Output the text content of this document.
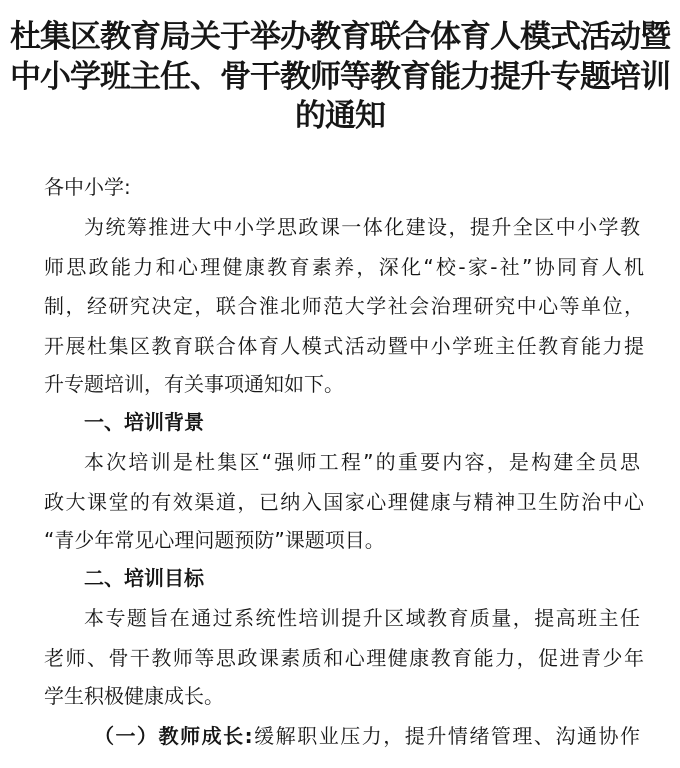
杜集区教育局关于举办教育联合体育人模式活动暨
中小学班主任、骨干教师等教育能力提升专题培训
的通知

各中小学:

为统筹推进大中小学思政课一体化建设，提升全区中小学教

师思政能力和心理健康教育素养，深化“校-家-社”协同育人机

制，经研究决定，联合淮北师范大学社会治理研究中心等单位，

开展杜集区教育联合体育人模式活动暨中小学班主任教育能力提

升专题培训，有关事项通知如下。

一、培训背景

本次培训是杜集区“强师工程”的重要内容，是构建全员思

政大课堂的有效渠道，已纳入国家心理健康与精神卫生防治中心

“青少年常见心理问题预防”课题项目。

二、培训目标

本专题旨在通过系统性培训提升区域教育质量，提高班主任

老师、骨干教师等思政课素质和心理健康教育能力，促进青少年

学生积极健康成长。

（一）教师成长:缓解职业压力，提升情绪管理、沟通协作
